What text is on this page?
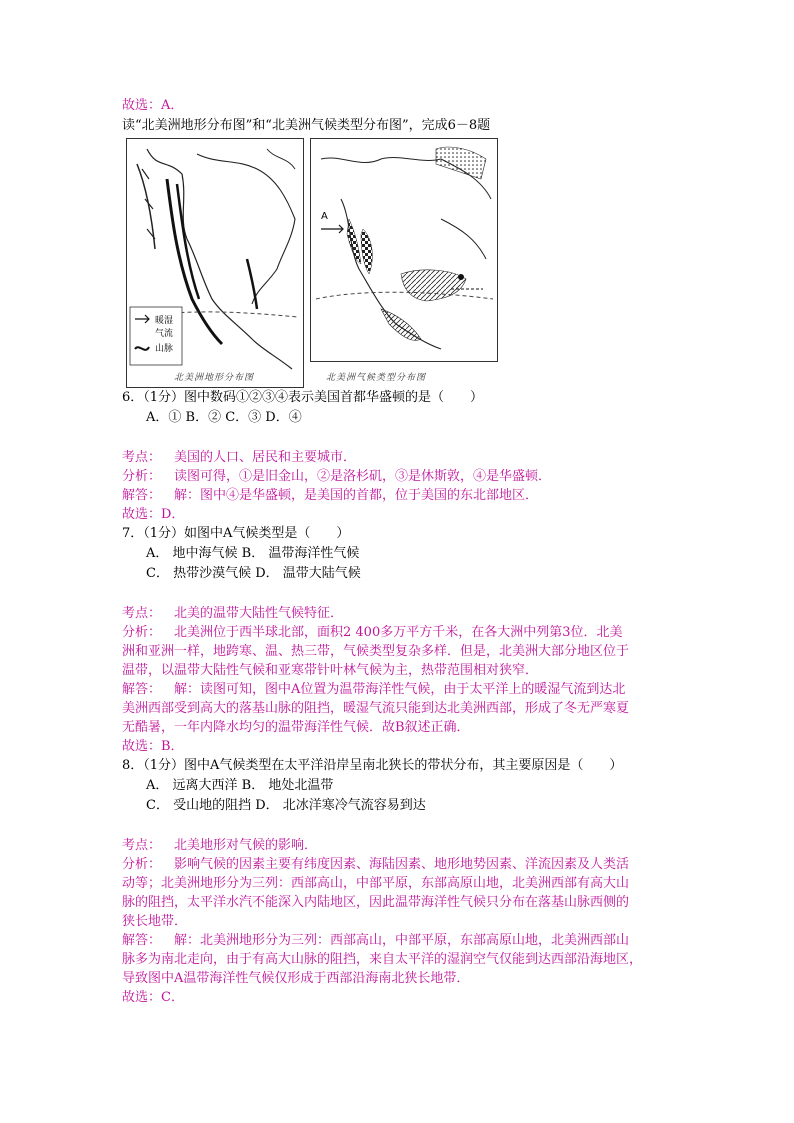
故选：A．
读“北美洲地形分布图”和“北美洲气候类型分布图”，完成6－8题
暖湿
气流
山脉
北美洲地形分布图
A
北美洲气候类型分布图
6．（1分）图中数码①②③④表示美国首都华盛顿的是（　　）
A．① B．② C．③ D．④
考点： 美国的人口、居民和主要城市．
分析： 读图可得，①是旧金山，②是洛杉矶，③是休斯敦，④是华盛顿．
解答： 解：图中④是华盛顿，是美国的首都，位于美国的东北部地区．
故选：D．
7．（1分）如图中A气候类型是（　　）
A． 地中海气候 B． 温带海洋性气候
C． 热带沙漠气候 D． 温带大陆气候
考点： 北美的温带大陆性气候特征．
分析： 北美洲位于西半球北部，面积2 400多万平方千米，在各大洲中列第3位．北美
洲和亚洲一样，地跨寒、温、热三带，气候类型复杂多样．但是，北美洲大部分地区位于
温带，以温带大陆性气候和亚寒带针叶林气候为主，热带范围相对狭窄．
解答： 解：读图可知，图中A位置为温带海洋性气候，由于太平洋上的暖湿气流到达北
美洲西部受到高大的落基山脉的阻挡，暖湿气流只能到达北美洲西部，形成了冬无严寒夏
无酷暑，一年内降水均匀的温带海洋性气候．故B叙述正确．
故选：B．
8．（1分）图中A气候类型在太平洋沿岸呈南北狭长的带状分布，其主要原因是（　　）
A． 远离大西洋 B． 地处北温带
C． 受山地的阻挡 D． 北冰洋寒冷气流容易到达
考点： 北美地形对气候的影响．
分析： 影响气候的因素主要有纬度因素、海陆因素、地形地势因素、洋流因素及人类活
动等；北美洲地形分为三列：西部高山，中部平原，东部高原山地，北美洲西部有高大山
脉的阻挡，太平洋水汽不能深入内陆地区，因此温带海洋性气候只分布在落基山脉西侧的
狭长地带．
解答： 解：北美洲地形分为三列：西部高山，中部平原，东部高原山地，北美洲西部山
脉多为南北走向，由于有高大山脉的阻挡，来自太平洋的湿润空气仅能到达西部沿海地区，
导致图中A温带海洋性气候仅形成于西部沿海南北狭长地带．
故选：C．
